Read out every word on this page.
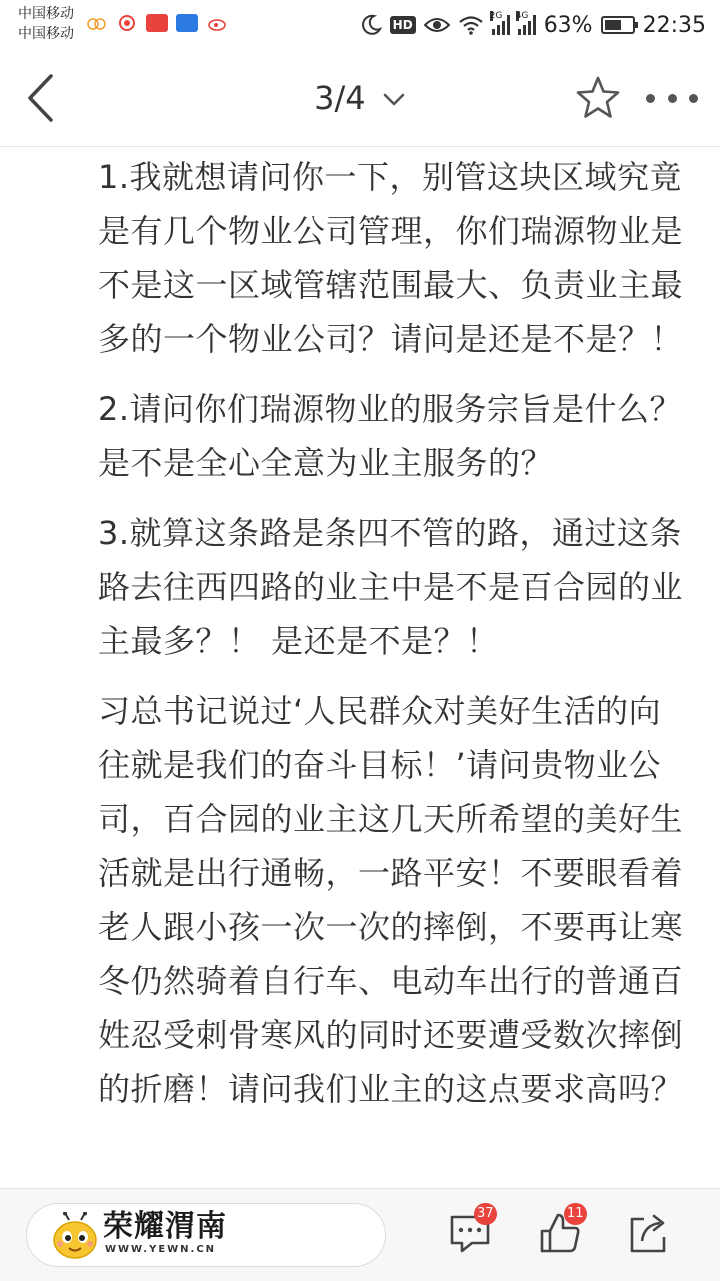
中国移动
中国移动
HD
2G 4G 63% 22:35
3/4

1.我就想请问你一下，别管这块区域究竟是有几个物业公司管理，你们瑞源物业是不是这一区域管辖范围最大、负责业主最多的一个物业公司？请问是还是不是？！

2.请问你们瑞源物业的服务宗旨是什么？是不是全心全意为业主服务的？

3.就算这条路是条四不管的路，通过这条路去往西四路的业主中是不是百合园的业主最多？！ 是还是不是？！

习总书记说过‘人民群众对美好生活的向往就是我们的奋斗目标！’请问贵物业公司，百合园的业主这几天所希望的美好生活就是出行通畅，一路平安！不要眼看着老人跟小孩一次一次的摔倒，不要再让寒冬仍然骑着自行车、电动车出行的普通百姓忍受刺骨寒风的同时还要遭受数次摔倒的折磨！请问我们业主的这点要求高吗？

荣耀渭南
WWW.YEWN.CN
37	11
